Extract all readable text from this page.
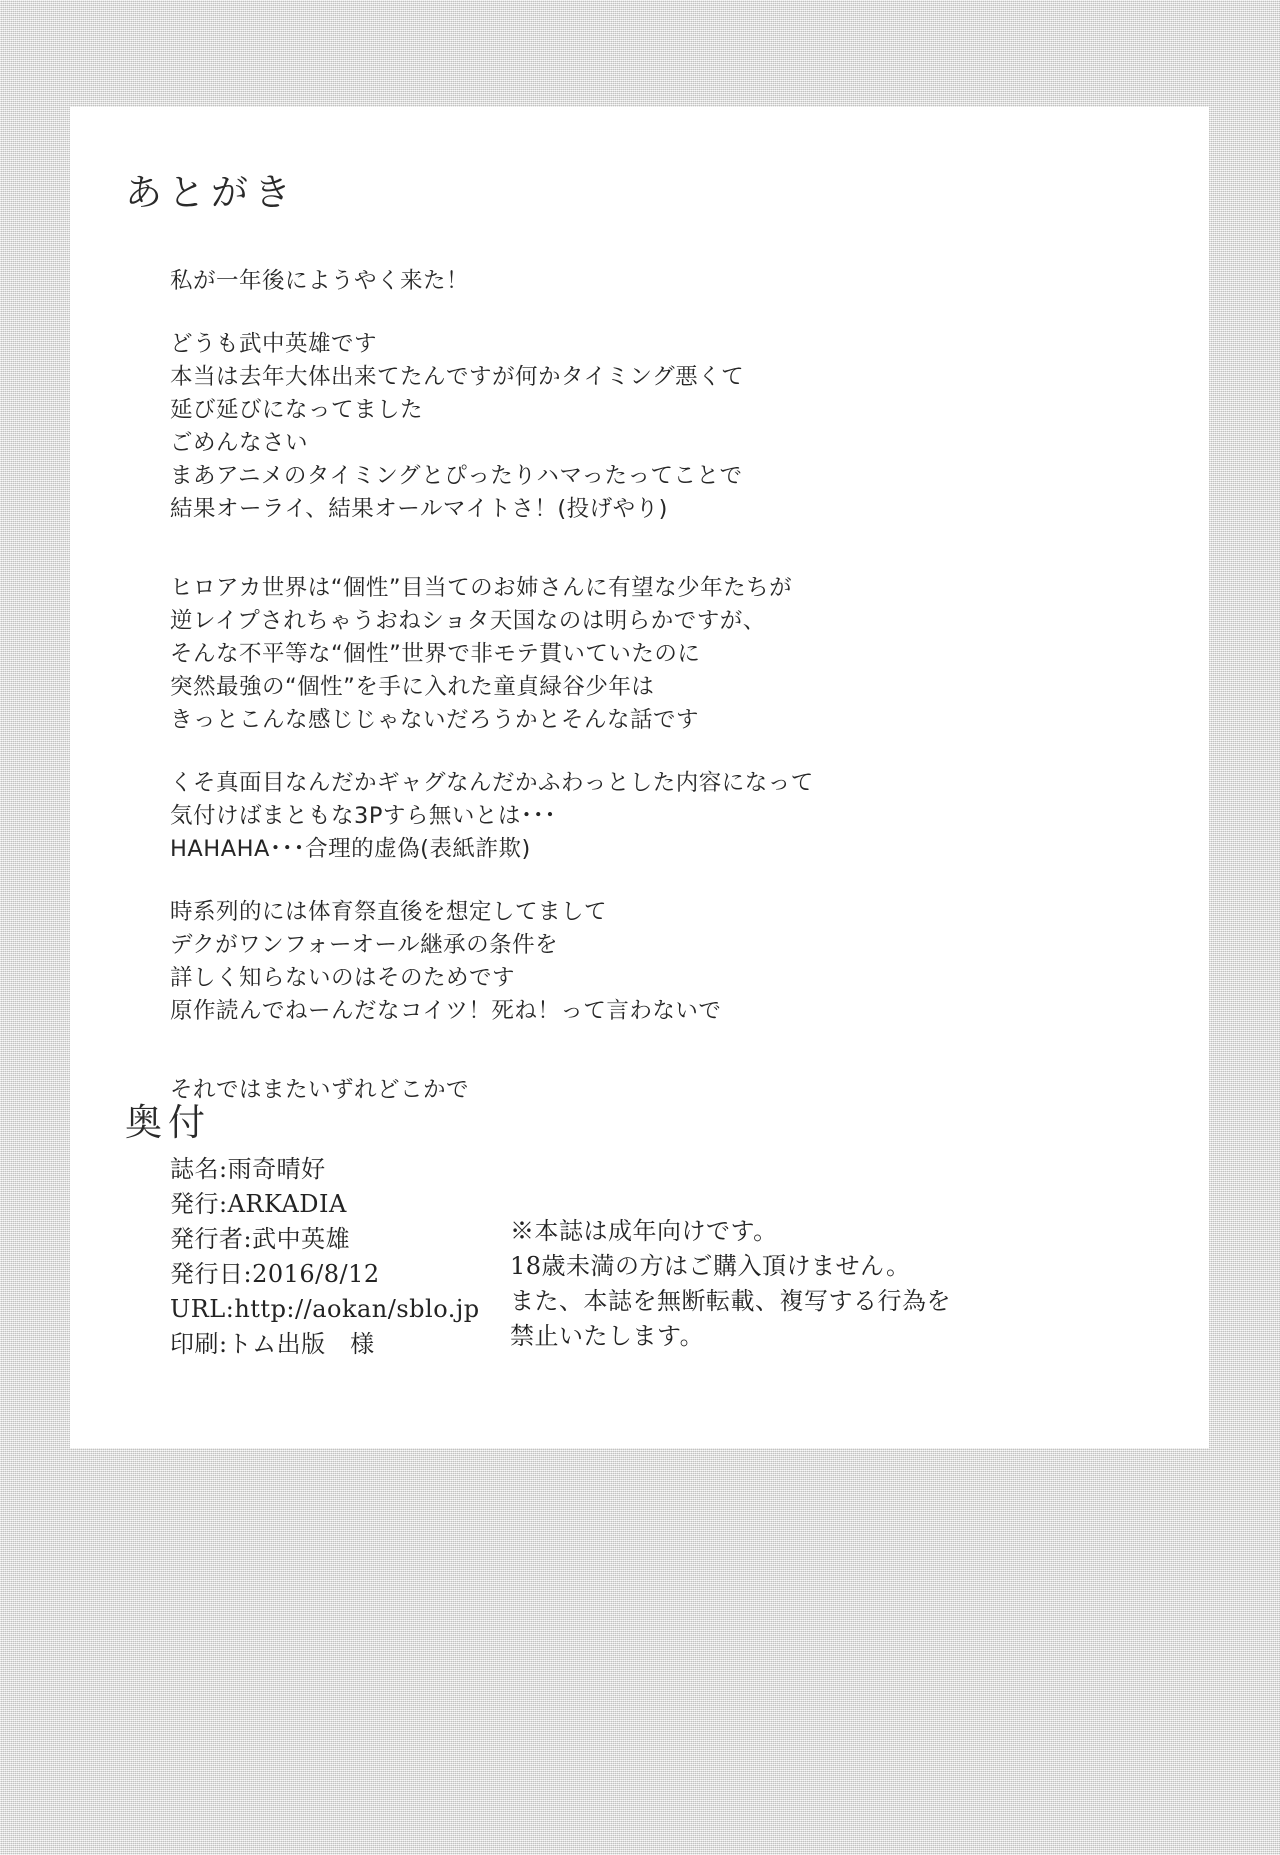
あとがき
私が一年後にようやく来た！
どうも武中英雄です
本当は去年大体出来てたんですが何かタイミング悪くて
延び延びになってました
ごめんなさい
まあアニメのタイミングとぴったりハマったってことで
結果オーライ、結果オールマイトさ！(投げやり)
ヒロアカ世界は“個性”目当てのお姉さんに有望な少年たちが
逆レイプされちゃうおねショタ天国なのは明らかですが、
そんな不平等な“個性”世界で非モテ貫いていたのに
突然最強の“個性”を手に入れた童貞緑谷少年は
きっとこんな感じじゃないだろうかとそんな話です
くそ真面目なんだかギャグなんだかふわっとした内容になって
気付けばまともな3Pすら無いとは･･･
HAHAHA･･･合理的虚偽(表紙詐欺)
時系列的には体育祭直後を想定してまして
デクがワンフォーオール継承の条件を
詳しく知らないのはそのためです
原作読んでねーんだなコイツ！死ね！って言わないで
それではまたいずれどこかで
奥付
誌名:雨奇晴好
発行:ARKADIA
発行者:武中英雄
発行日:2016/8/12
URL:http://aokan/sblo.jp
印刷:トム出版　様
※本誌は成年向けです。
18歳未満の方はご購入頂けません。
また、本誌を無断転載、複写する行為を
禁止いたします。
